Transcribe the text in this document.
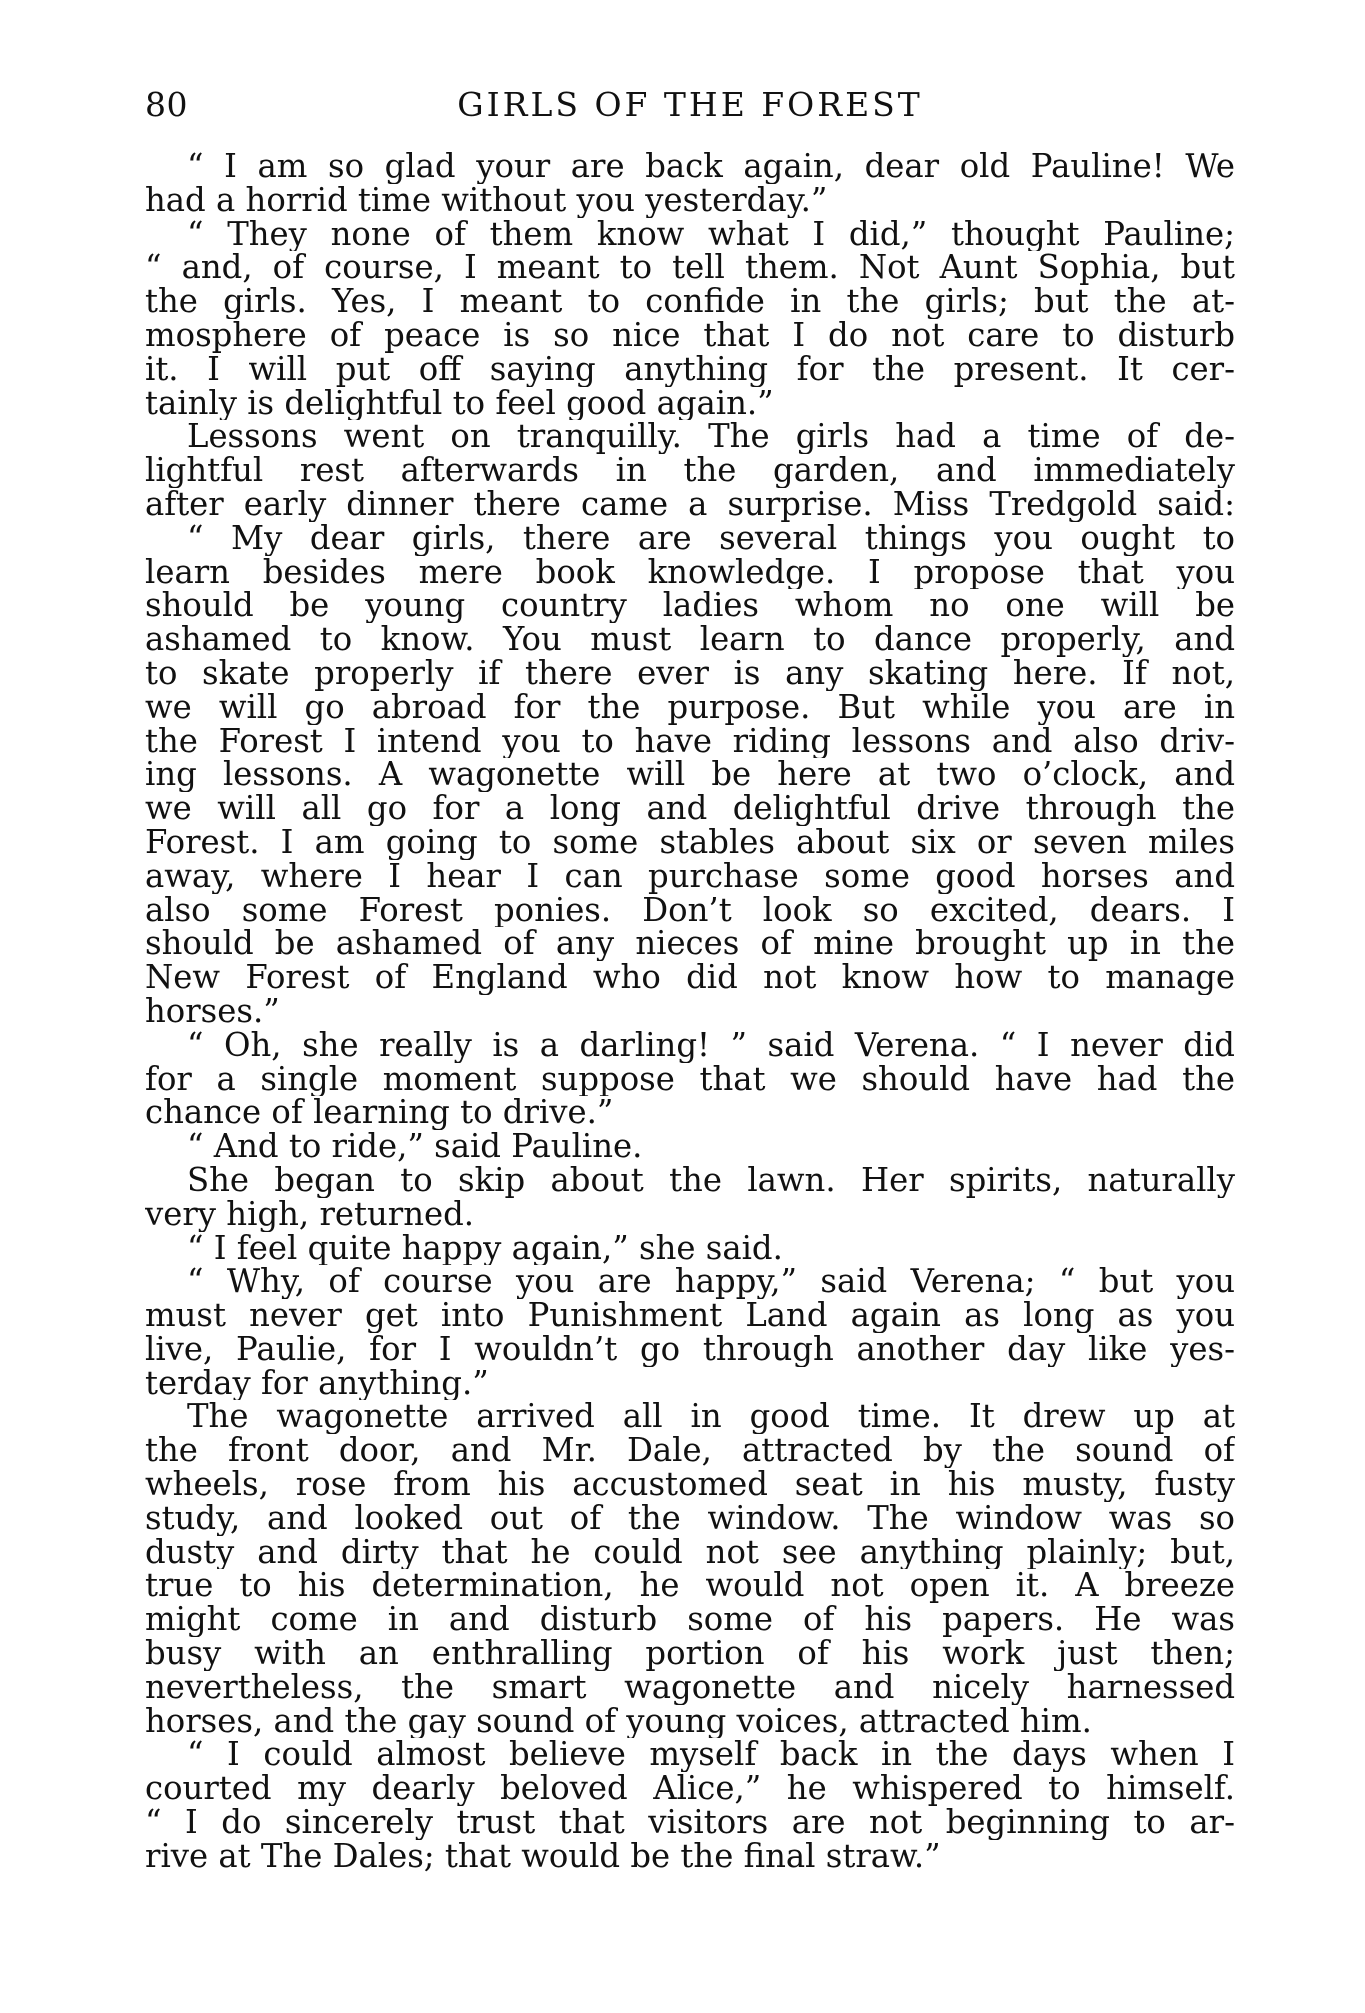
80	GIRLS OF THE FOREST
“ I am so glad your are back again, dear old Pauline! We
had a horrid time without you yesterday.”
“ They none of them know what I did,” thought Pauline;
“ and, of course, I meant to tell them. Not Aunt Sophia, but
the girls. Yes, I meant to confide in the girls; but the at-
mosphere of peace is so nice that I do not care to disturb
it. I will put off saying anything for the present. It cer-
tainly is delightful to feel good again.”
Lessons went on tranquilly. The girls had a time of de-
lightful rest afterwards in the garden, and immediately
after early dinner there came a surprise. Miss Tredgold said:
“ My dear girls, there are several things you ought to
learn besides mere book knowledge. I propose that you
should be young country ladies whom no one will be
ashamed to know. You must learn to dance properly, and
to skate properly if there ever is any skating here. If not,
we will go abroad for the purpose. But while you are in
the Forest I intend you to have riding lessons and also driv-
ing lessons. A wagonette will be here at two o’clock, and
we will all go for a long and delightful drive through the
Forest. I am going to some stables about six or seven miles
away, where I hear I can purchase some good horses and
also some Forest ponies. Don’t look so excited, dears. I
should be ashamed of any nieces of mine brought up in the
New Forest of England who did not know how to manage
horses.”
“ Oh, she really is a darling! ” said Verena. “ I never did
for a single moment suppose that we should have had the
chance of learning to drive.”
“ And to ride,” said Pauline.
She began to skip about the lawn. Her spirits, naturally
very high, returned.
“ I feel quite happy again,” she said.
“ Why, of course you are happy,” said Verena; “ but you
must never get into Punishment Land again as long as you
live, Paulie, for I wouldn’t go through another day like yes-
terday for anything.”
The wagonette arrived all in good time. It drew up at
the front door, and Mr. Dale, attracted by the sound of
wheels, rose from his accustomed seat in his musty, fusty
study, and looked out of the window. The window was so
dusty and dirty that he could not see anything plainly; but,
true to his determination, he would not open it. A breeze
might come in and disturb some of his papers. He was
busy with an enthralling portion of his work just then;
nevertheless, the smart wagonette and nicely harnessed
horses, and the gay sound of young voices, attracted him.
“ I could almost believe myself back in the days when I
courted my dearly beloved Alice,” he whispered to himself.
“ I do sincerely trust that visitors are not beginning to ar-
rive at The Dales; that would be the final straw.”
